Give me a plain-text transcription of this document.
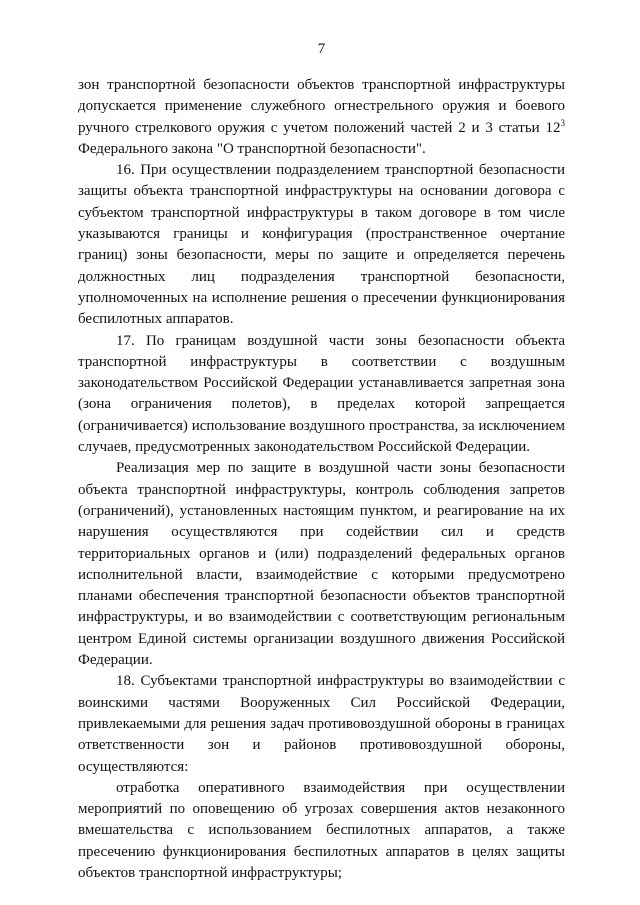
7

зон транспортной безопасности объектов транспортной инфраструктуры допускается применение служебного огнестрельного оружия и боевого ручного стрелкового оружия с учетом положений частей 2 и 3 статьи $12^3$ Федерального закона "О транспортной безопасности".

16. При осуществлении подразделением транспортной безопасности защиты объекта транспортной инфраструктуры на основании договора с субъектом транспортной инфраструктуры в таком договоре в том числе указываются границы и конфигурация (пространственное очертание границ) зоны безопасности, меры по защите и определяется перечень должностных лиц подразделения транспортной безопасности, уполномоченных на исполнение решения о пресечении функционирования беспилотных аппаратов.

17. По границам воздушной части зоны безопасности объекта транспортной инфраструктуры в соответствии с воздушным законодательством Российской Федерации устанавливается запретная зона (зона ограничения полетов), в пределах которой запрещается (ограничивается) использование воздушного пространства, за исключением случаев, предусмотренных законодательством Российской Федерации.

Реализация мер по защите в воздушной части зоны безопасности объекта транспортной инфраструктуры, контроль соблюдения запретов (ограничений), установленных настоящим пунктом, и реагирование на их нарушения осуществляются при содействии сил и средств территориальных органов и (или) подразделений федеральных органов исполнительной власти, взаимодействие с которыми предусмотрено планами обеспечения транспортной безопасности объектов транспортной инфраструктуры, и во взаимодействии с соответствующим региональным центром Единой системы организации воздушного движения Российской Федерации.

18. Субъектами транспортной инфраструктуры во взаимодействии с воинскими частями Вооруженных Сил Российской Федерации, привлекаемыми для решения задач противовоздушной обороны в границах ответственности зон и районов противовоздушной обороны, осуществляются:

отработка оперативного взаимодействия при осуществлении мероприятий по оповещению об угрозах совершения актов незаконного вмешательства с использованием беспилотных аппаратов, а также пресечению функционирования беспилотных аппаратов в целях защиты объектов транспортной инфраструктуры;
